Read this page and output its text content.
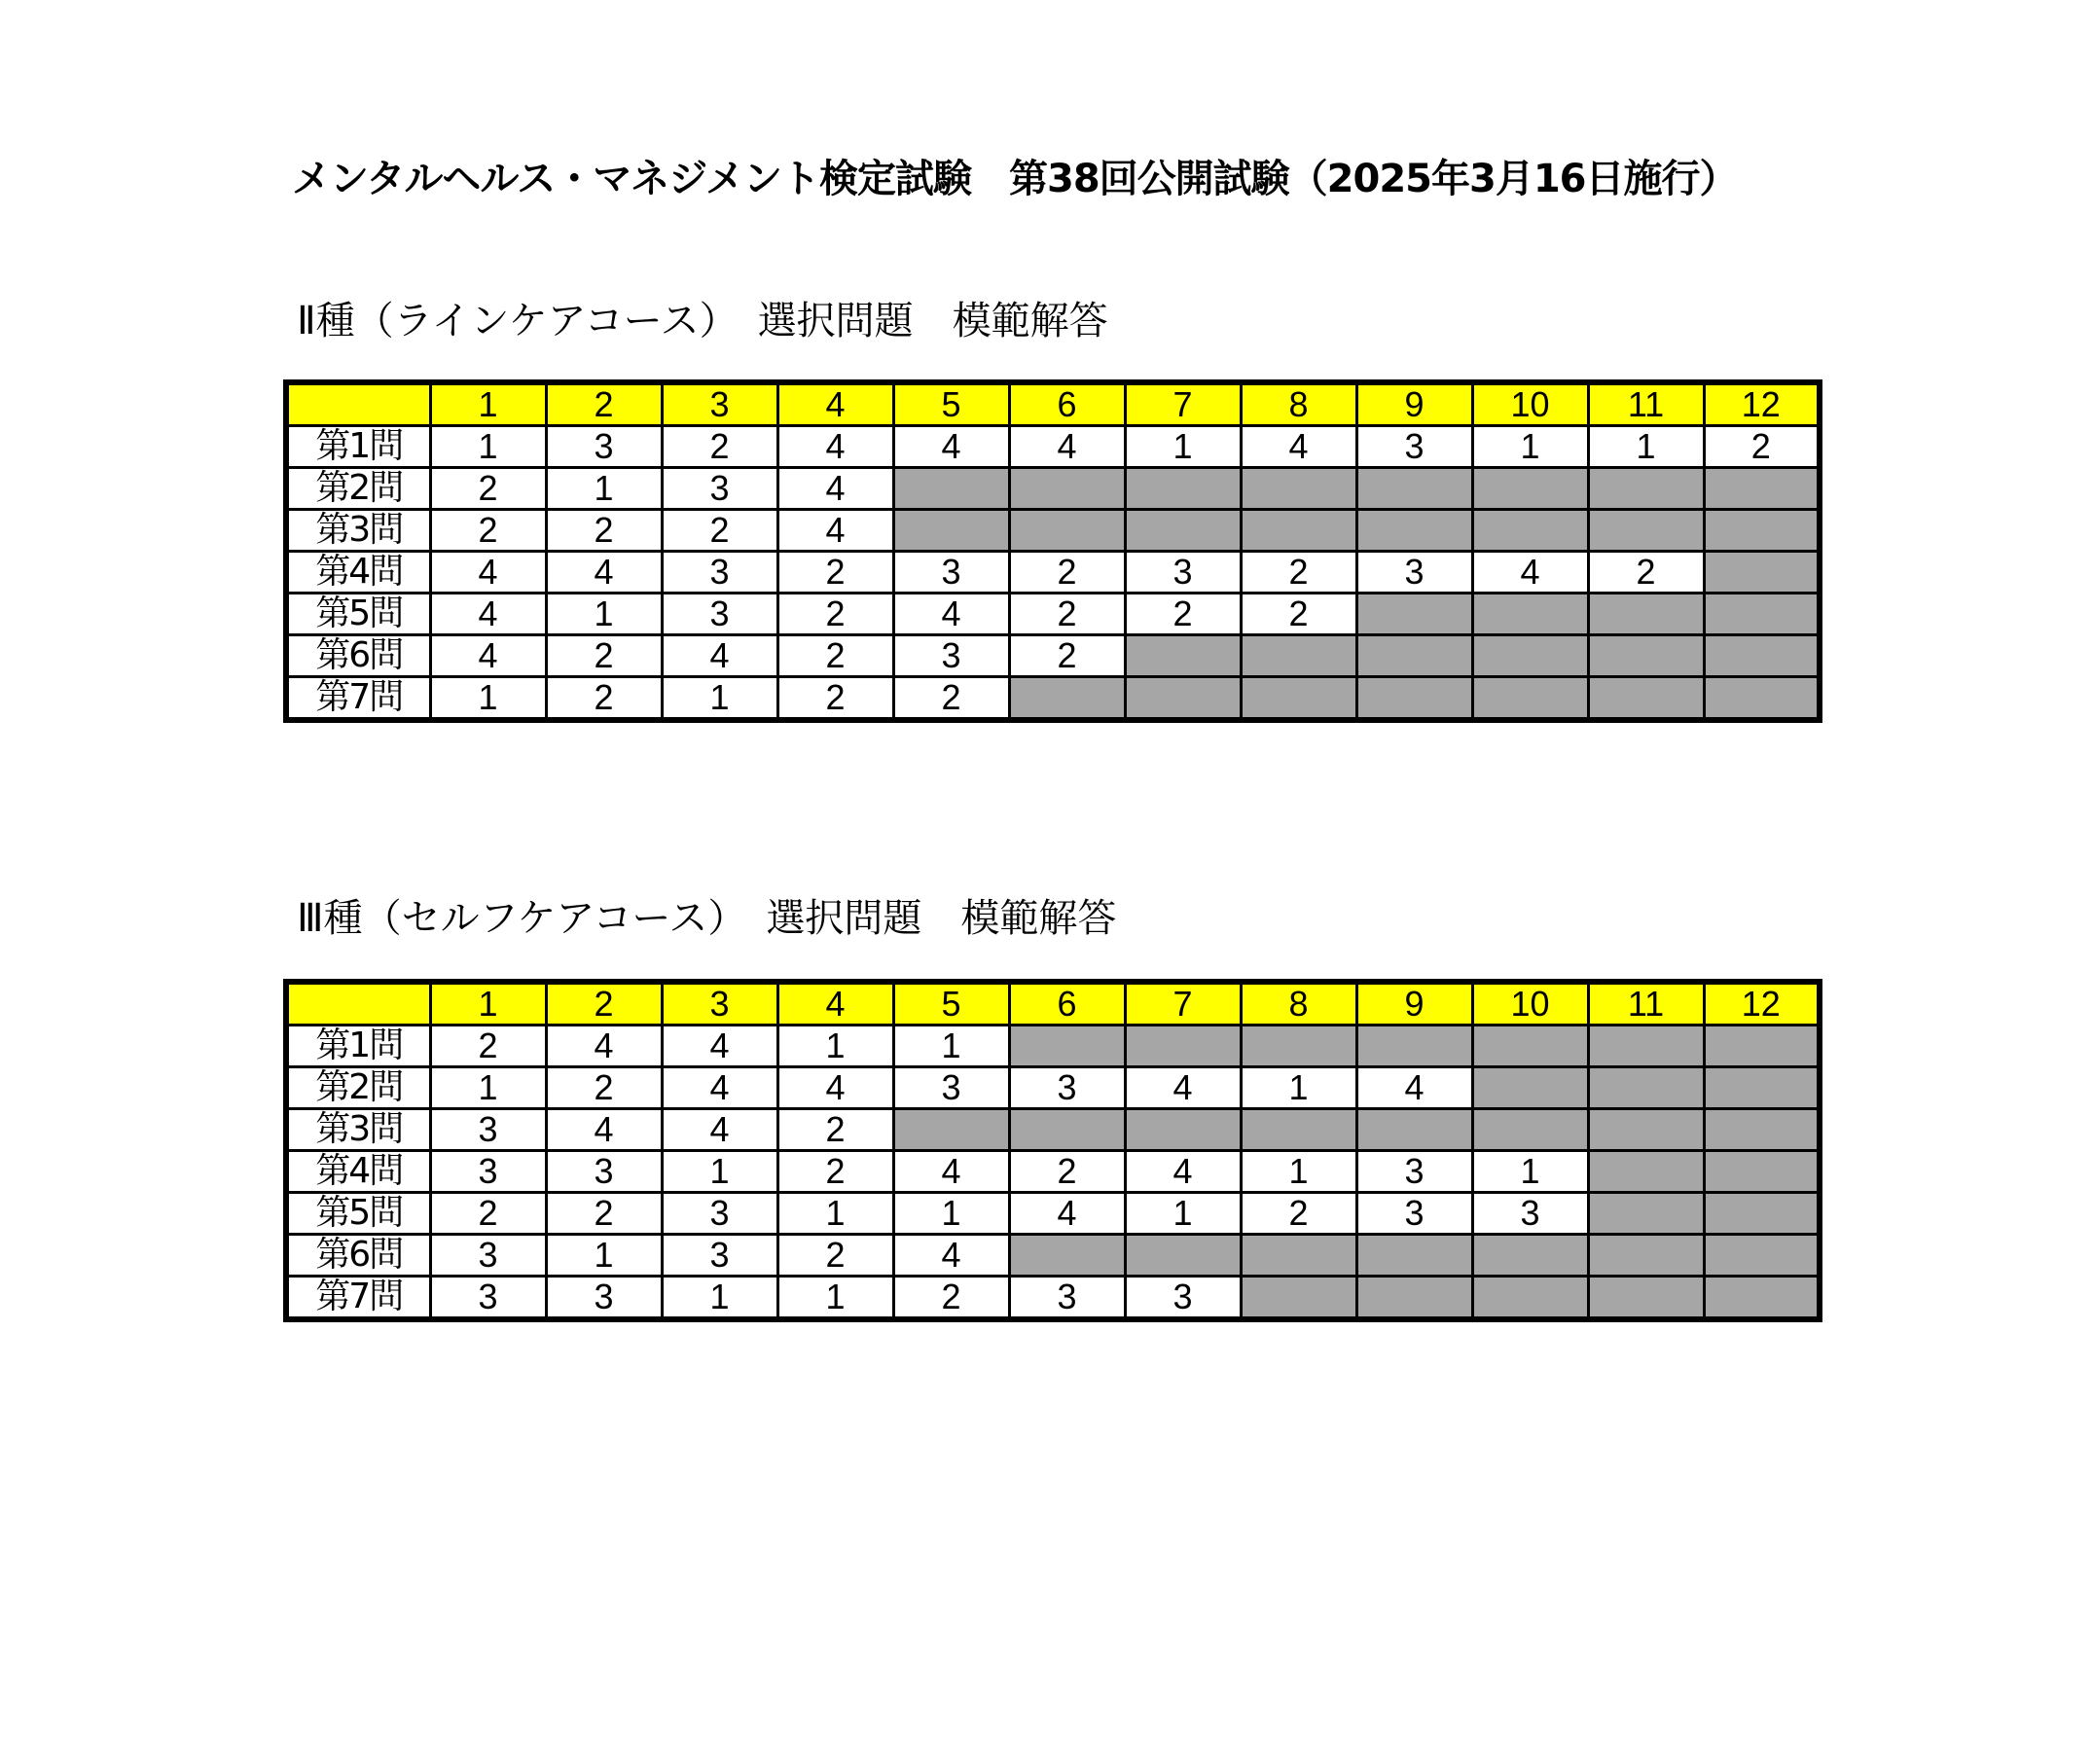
メンタルヘルス・マネジメント検定試験　第38回公開試験（2025年3月16日施行）
Ⅱ種（ラインケアコース）　選択問題　模範解答
	1	2	3	4	5	6	7	8	9	10	11	12
第1問	1	3	2	4	4	4	1	4	3	1	1	2
第2問	2	1	3	4								
第3問	2	2	2	4								
第4問	4	4	3	2	3	2	3	2	3	4	2	
第5問	4	1	3	2	4	2	2	2				
第6問	4	2	4	2	3	2						
第7問	1	2	1	2	2							
Ⅲ種（セルフケアコース）　選択問題　模範解答
	1	2	3	4	5	6	7	8	9	10	11	12
第1問	2	4	4	1	1							
第2問	1	2	4	4	3	3	4	1	4			
第3問	3	4	4	2								
第4問	3	3	1	2	4	2	4	1	3	1		
第5問	2	2	3	1	1	4	1	2	3	3		
第6問	3	1	3	2	4							
第7問	3	3	1	1	2	3	3					
